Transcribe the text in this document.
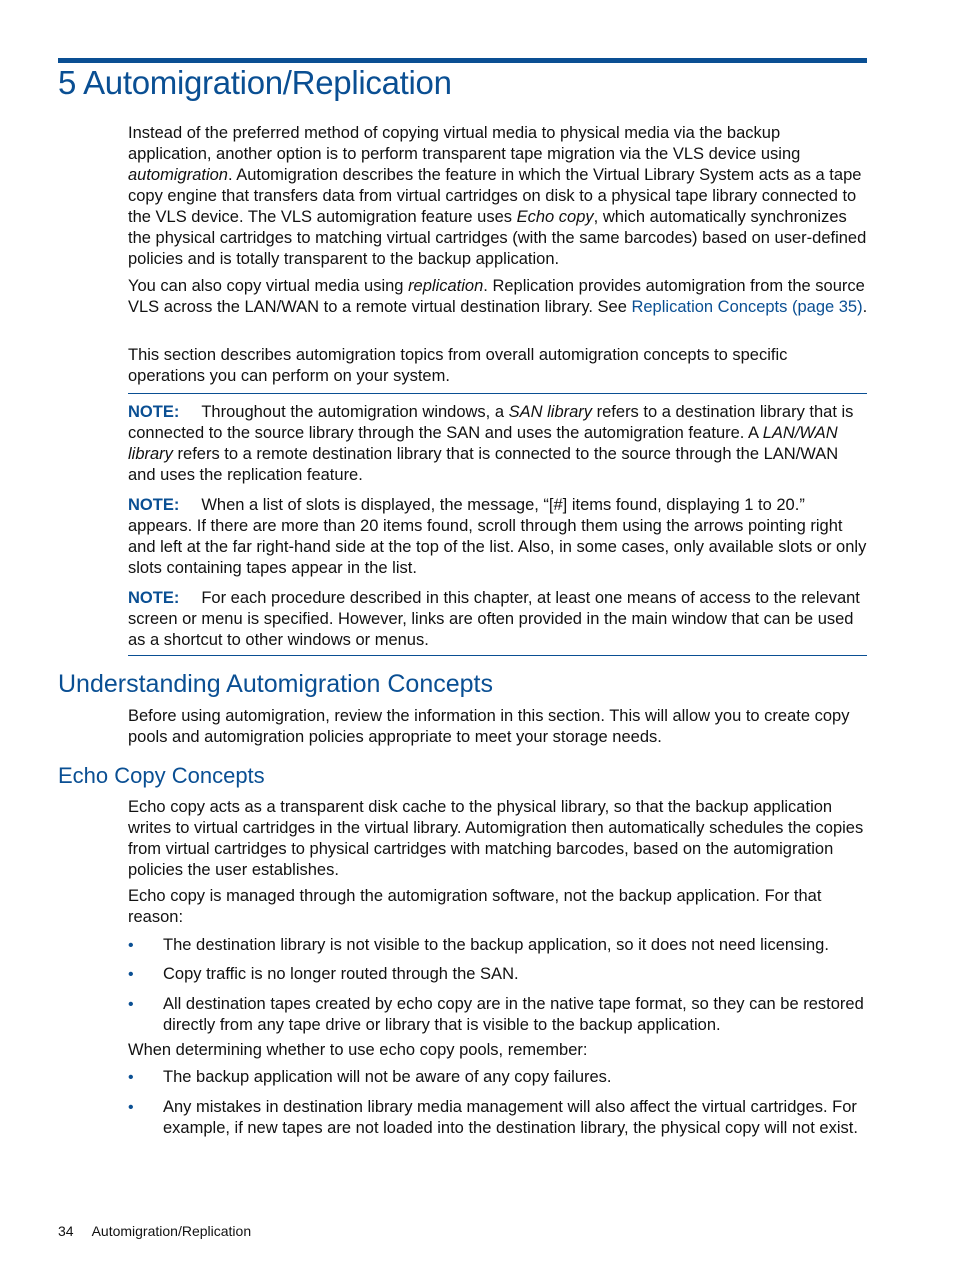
5 Automigration/Replication

Instead of the preferred method of copying virtual media to physical media via the backup application, another option is to perform transparent tape migration via the VLS device using automigration. Automigration describes the feature in which the Virtual Library System acts as a tape copy engine that transfers data from virtual cartridges on disk to a physical tape library connected to the VLS device. The VLS automigration feature uses Echo copy, which automatically synchronizes the physical cartridges to matching virtual cartridges (with the same barcodes) based on user-defined policies and is totally transparent to the backup application.

You can also copy virtual media using replication. Replication provides automigration from the source VLS across the LAN/WAN to a remote virtual destination library. See Replication Concepts (page 35).

This section describes automigration topics from overall automigration concepts to specific operations you can perform on your system.

NOTE: Throughout the automigration windows, a SAN library refers to a destination library that is connected to the source library through the SAN and uses the automigration feature. A LAN/WAN library refers to a remote destination library that is connected to the source through the LAN/WAN and uses the replication feature.

NOTE: When a list of slots is displayed, the message, “[#] items found, displaying 1 to 20.” appears. If there are more than 20 items found, scroll through them using the arrows pointing right and left at the far right-hand side at the top of the list. Also, in some cases, only available slots or only slots containing tapes appear in the list.

NOTE: For each procedure described in this chapter, at least one means of access to the relevant screen or menu is specified. However, links are often provided in the main window that can be used as a shortcut to other windows or menus.

Understanding Automigration Concepts

Before using automigration, review the information in this section. This will allow you to create copy pools and automigration policies appropriate to meet your storage needs.

Echo Copy Concepts

Echo copy acts as a transparent disk cache to the physical library, so that the backup application writes to virtual cartridges in the virtual library. Automigration then automatically schedules the copies from virtual cartridges to physical cartridges with matching barcodes, based on the automigration policies the user establishes.

Echo copy is managed through the automigration software, not the backup application. For that reason:

• The destination library is not visible to the backup application, so it does not need licensing.
• Copy traffic is no longer routed through the SAN.
• All destination tapes created by echo copy are in the native tape format, so they can be restored directly from any tape drive or library that is visible to the backup application.

When determining whether to use echo copy pools, remember:

• The backup application will not be aware of any copy failures.
• Any mistakes in destination library media management will also affect the virtual cartridges. For example, if new tapes are not loaded into the destination library, the physical copy will not exist.
34 Automigration/Replication
